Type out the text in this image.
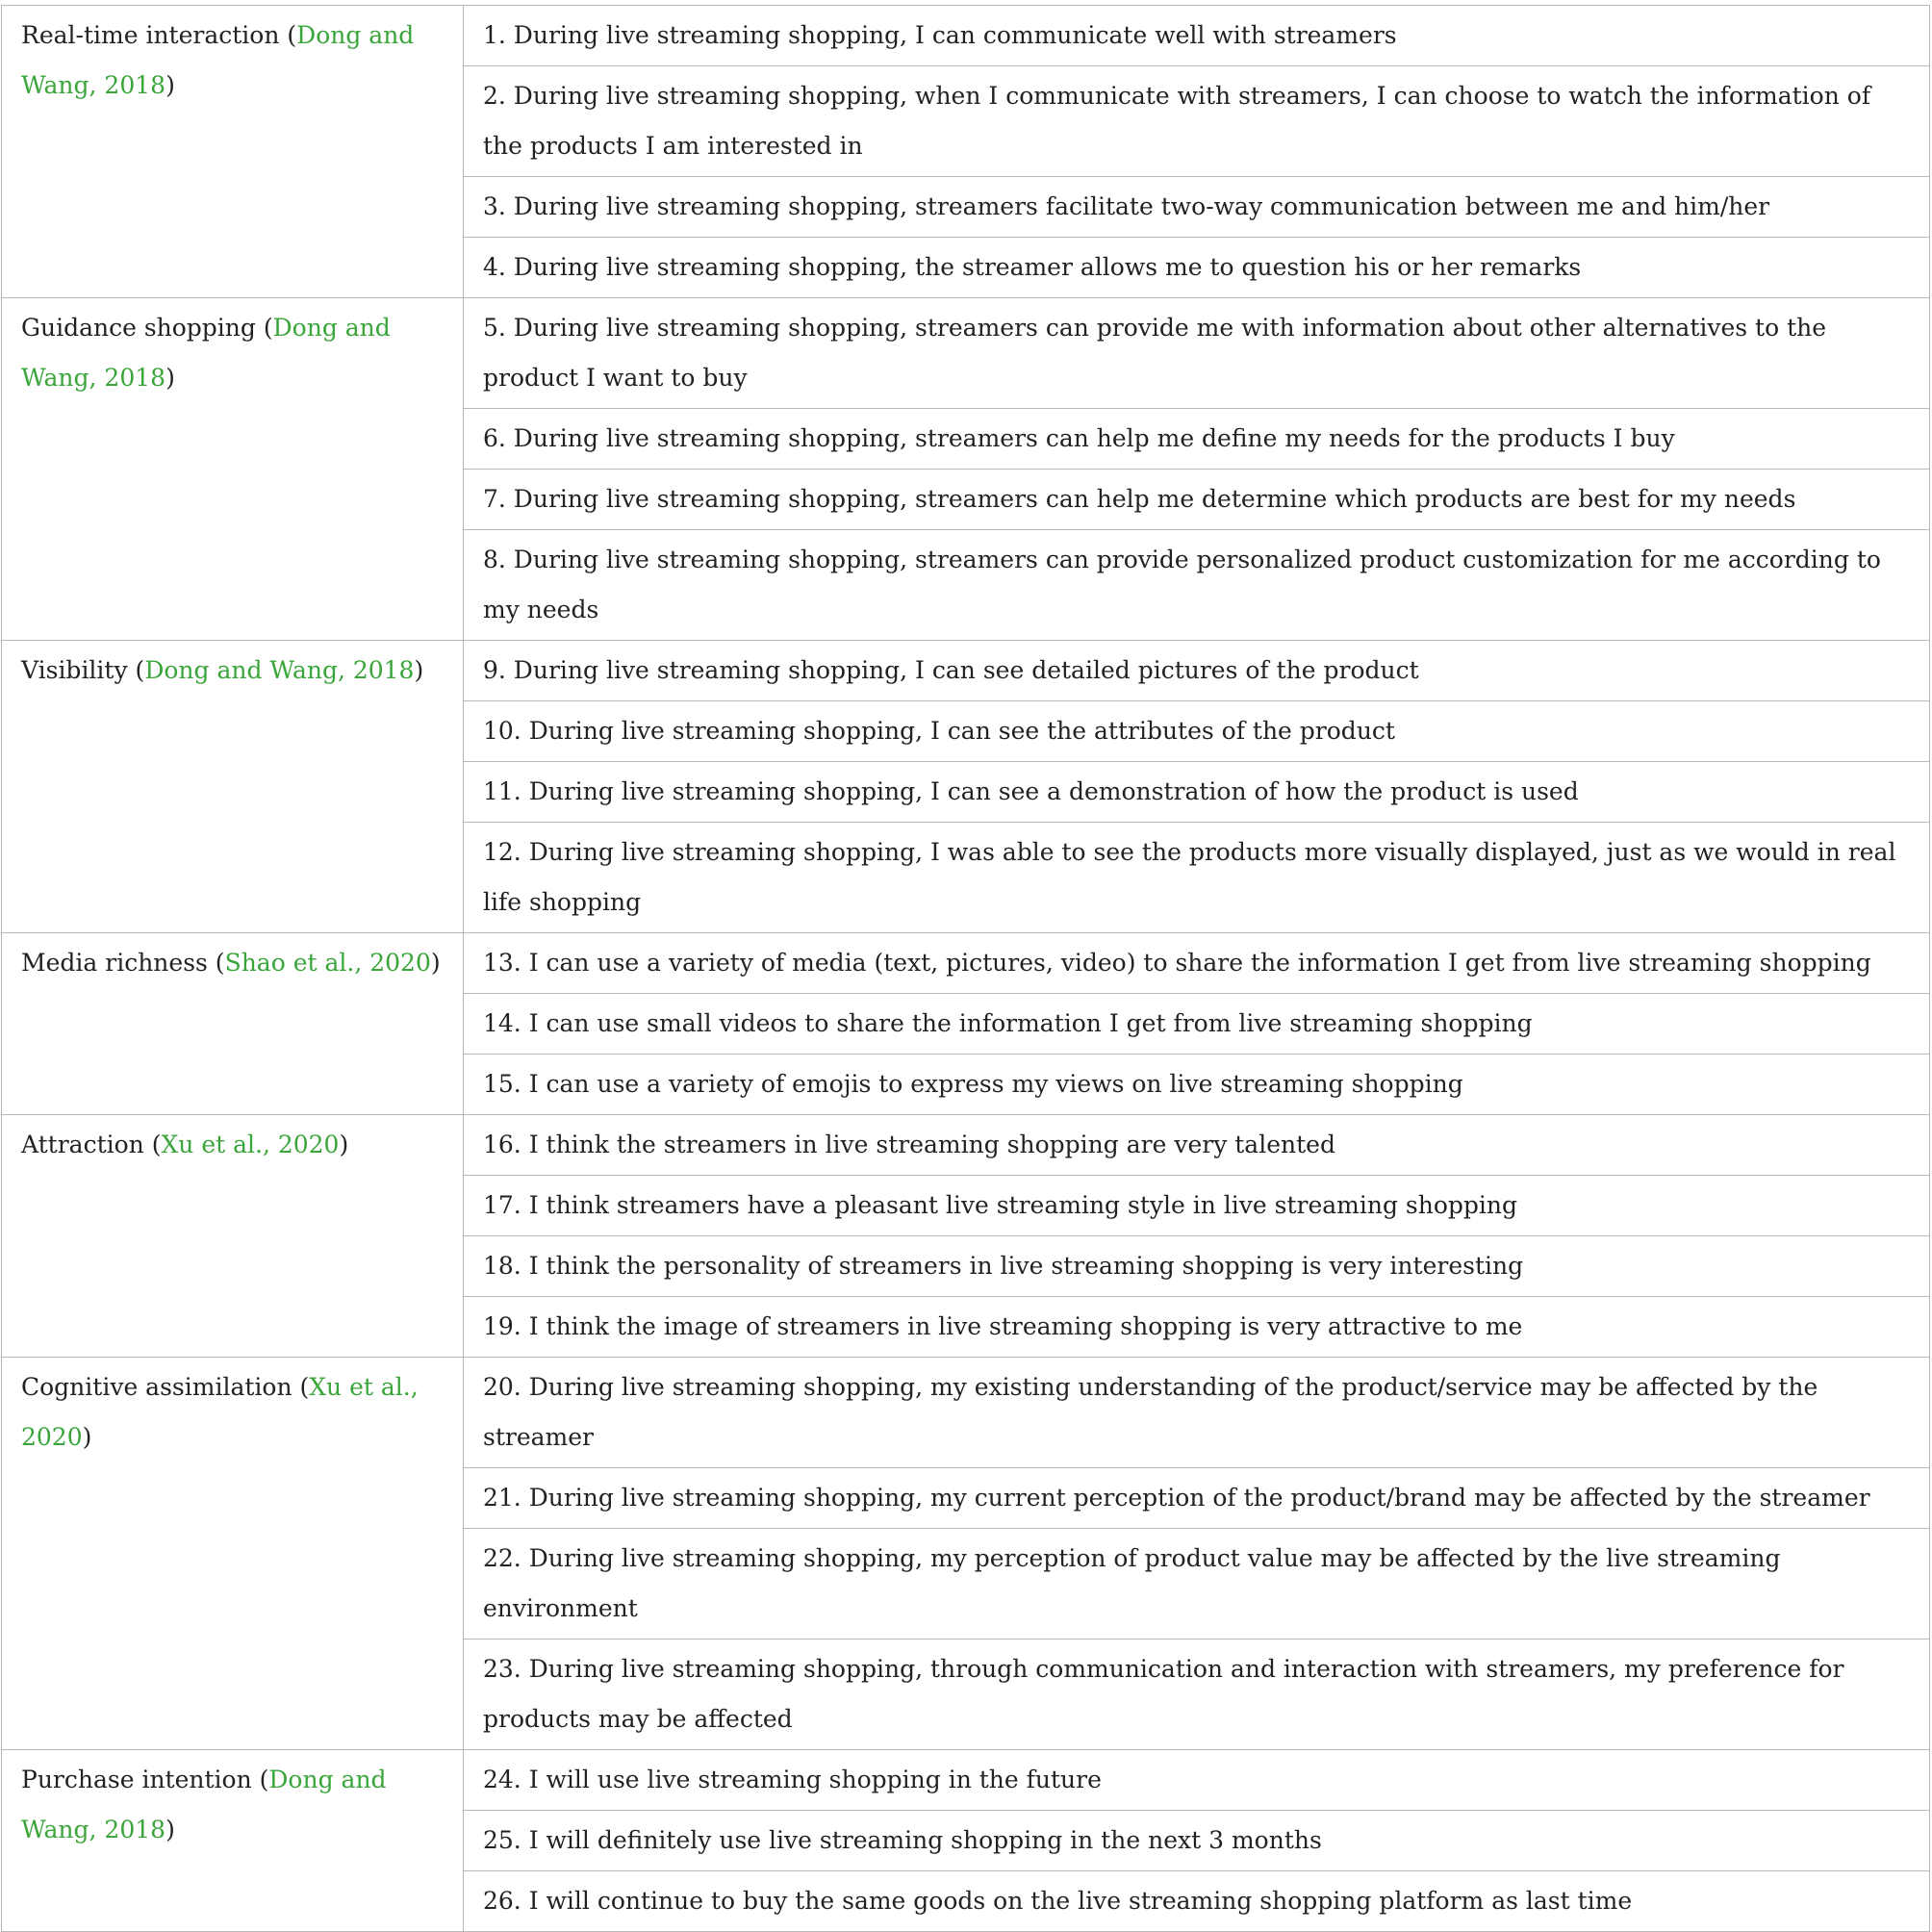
Real-time interaction (Dong and Wang, 2018)	1. During live streaming shopping, I can communicate well with streamers
	2. During live streaming shopping, when I communicate with streamers, I can choose to watch the information of the products I am interested in
	3. During live streaming shopping, streamers facilitate two-way communication between me and him/her
	4. During live streaming shopping, the streamer allows me to question his or her remarks
Guidance shopping (Dong and Wang, 2018)	5. During live streaming shopping, streamers can provide me with information about other alternatives to the product I want to buy
	6. During live streaming shopping, streamers can help me define my needs for the products I buy
	7. During live streaming shopping, streamers can help me determine which products are best for my needs
	8. During live streaming shopping, streamers can provide personalized product customization for me according to my needs
Visibility (Dong and Wang, 2018)	9. During live streaming shopping, I can see detailed pictures of the product
	10. During live streaming shopping, I can see the attributes of the product
	11. During live streaming shopping, I can see a demonstration of how the product is used
	12. During live streaming shopping, I was able to see the products more visually displayed, just as we would in real life shopping
Media richness (Shao et al., 2020)	13. I can use a variety of media (text, pictures, video) to share the information I get from live streaming shopping
	14. I can use small videos to share the information I get from live streaming shopping
	15. I can use a variety of emojis to express my views on live streaming shopping
Attraction (Xu et al., 2020)	16. I think the streamers in live streaming shopping are very talented
	17. I think streamers have a pleasant live streaming style in live streaming shopping
	18. I think the personality of streamers in live streaming shopping is very interesting
	19. I think the image of streamers in live streaming shopping is very attractive to me
Cognitive assimilation (Xu et al., 2020)	20. During live streaming shopping, my existing understanding of the product/service may be affected by the streamer
	21. During live streaming shopping, my current perception of the product/brand may be affected by the streamer
	22. During live streaming shopping, my perception of product value may be affected by the live streaming environment
	23. During live streaming shopping, through communication and interaction with streamers, my preference for products may be affected
Purchase intention (Dong and Wang, 2018)	24. I will use live streaming shopping in the future
	25. I will definitely use live streaming shopping in the next 3 months
	26. I will continue to buy the same goods on the live streaming shopping platform as last time
